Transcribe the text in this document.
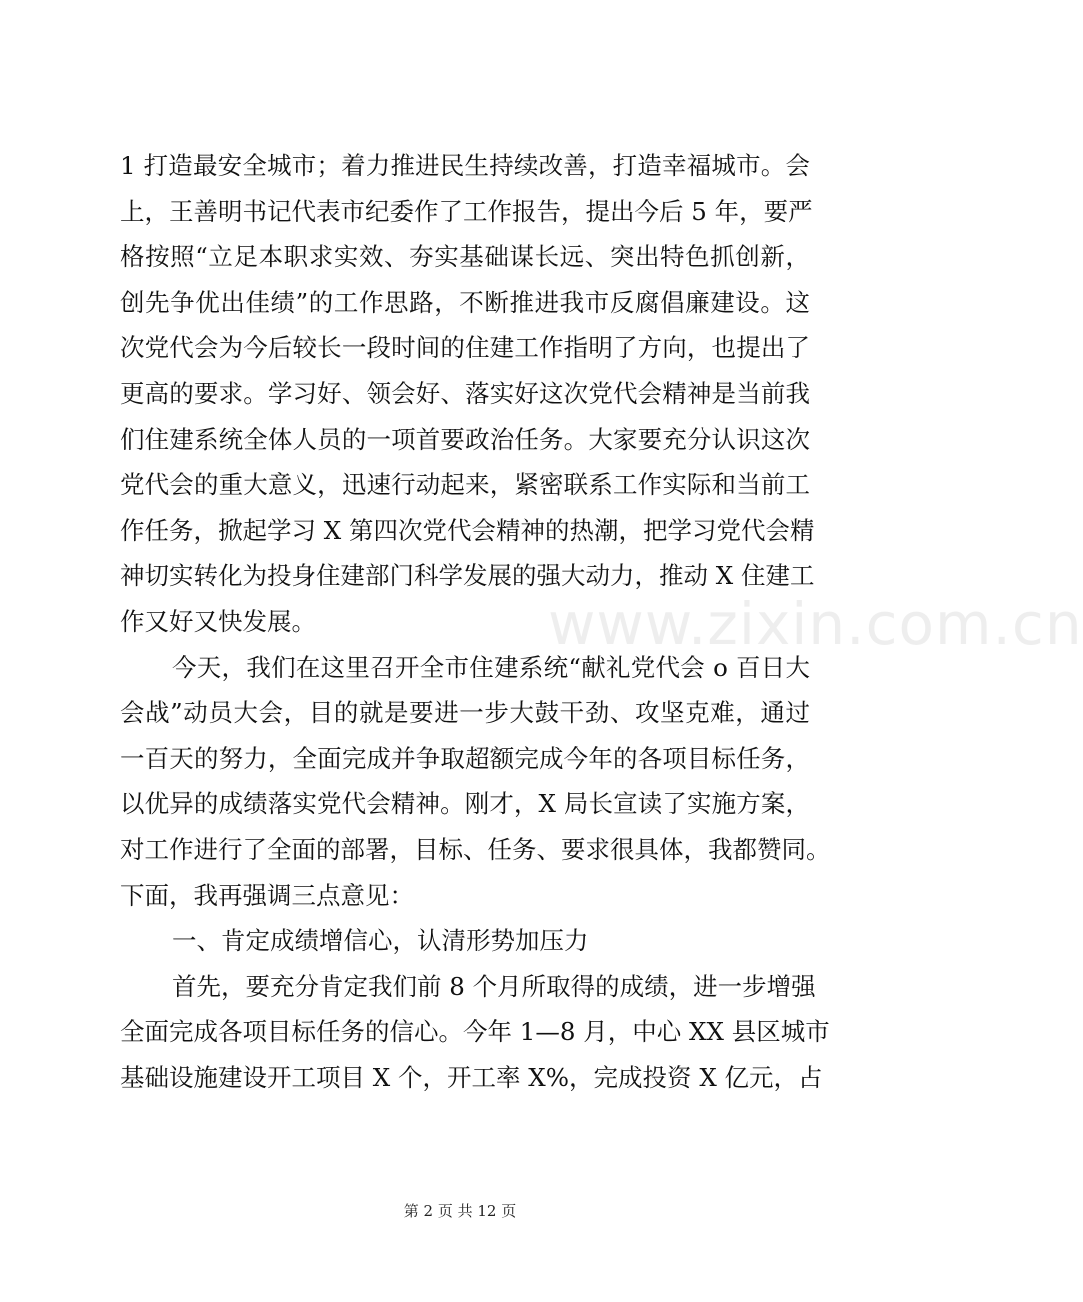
1 打造最安全城市；着力推进民生持续改善，打造幸福城市。会
上，王善明书记代表市纪委作了工作报告，提出今后 5 年，要严
格按照“立足本职求实效、夯实基础谋长远、突出特色抓创新，
创先争优出佳绩”的工作思路，不断推进我市反腐倡廉建设。这
次党代会为今后较长一段时间的住建工作指明了方向，也提出了
更高的要求。学习好、领会好、落实好这次党代会精神是当前我
们住建系统全体人员的一项首要政治任务。大家要充分认识这次
党代会的重大意义，迅速行动起来，紧密联系工作实际和当前工
作任务，掀起学习 X 第四次党代会精神的热潮，把学习党代会精
神切实转化为投身住建部门科学发展的强大动力，推动 X 住建工
作又好又快发展。
今天，我们在这里召开全市住建系统“献礼党代会 o 百日大
会战”动员大会，目的就是要进一步大鼓干劲、攻坚克难，通过
一百天的努力，全面完成并争取超额完成今年的各项目标任务，
以优异的成绩落实党代会精神。刚才，X 局长宣读了实施方案，
对工作进行了全面的部署，目标、任务、要求很具体，我都赞同。
下面，我再强调三点意见：
一、肯定成绩增信心，认清形势加压力
首先，要充分肯定我们前 8 个月所取得的成绩，进一步增强
全面完成各项目标任务的信心。今年 1—8 月，中心 XX 县区城市
基础设施建设开工项目 X 个，开工率 X%，完成投资 X 亿元，占
www.zixin.com.cn
第 2 页 共 12 页
